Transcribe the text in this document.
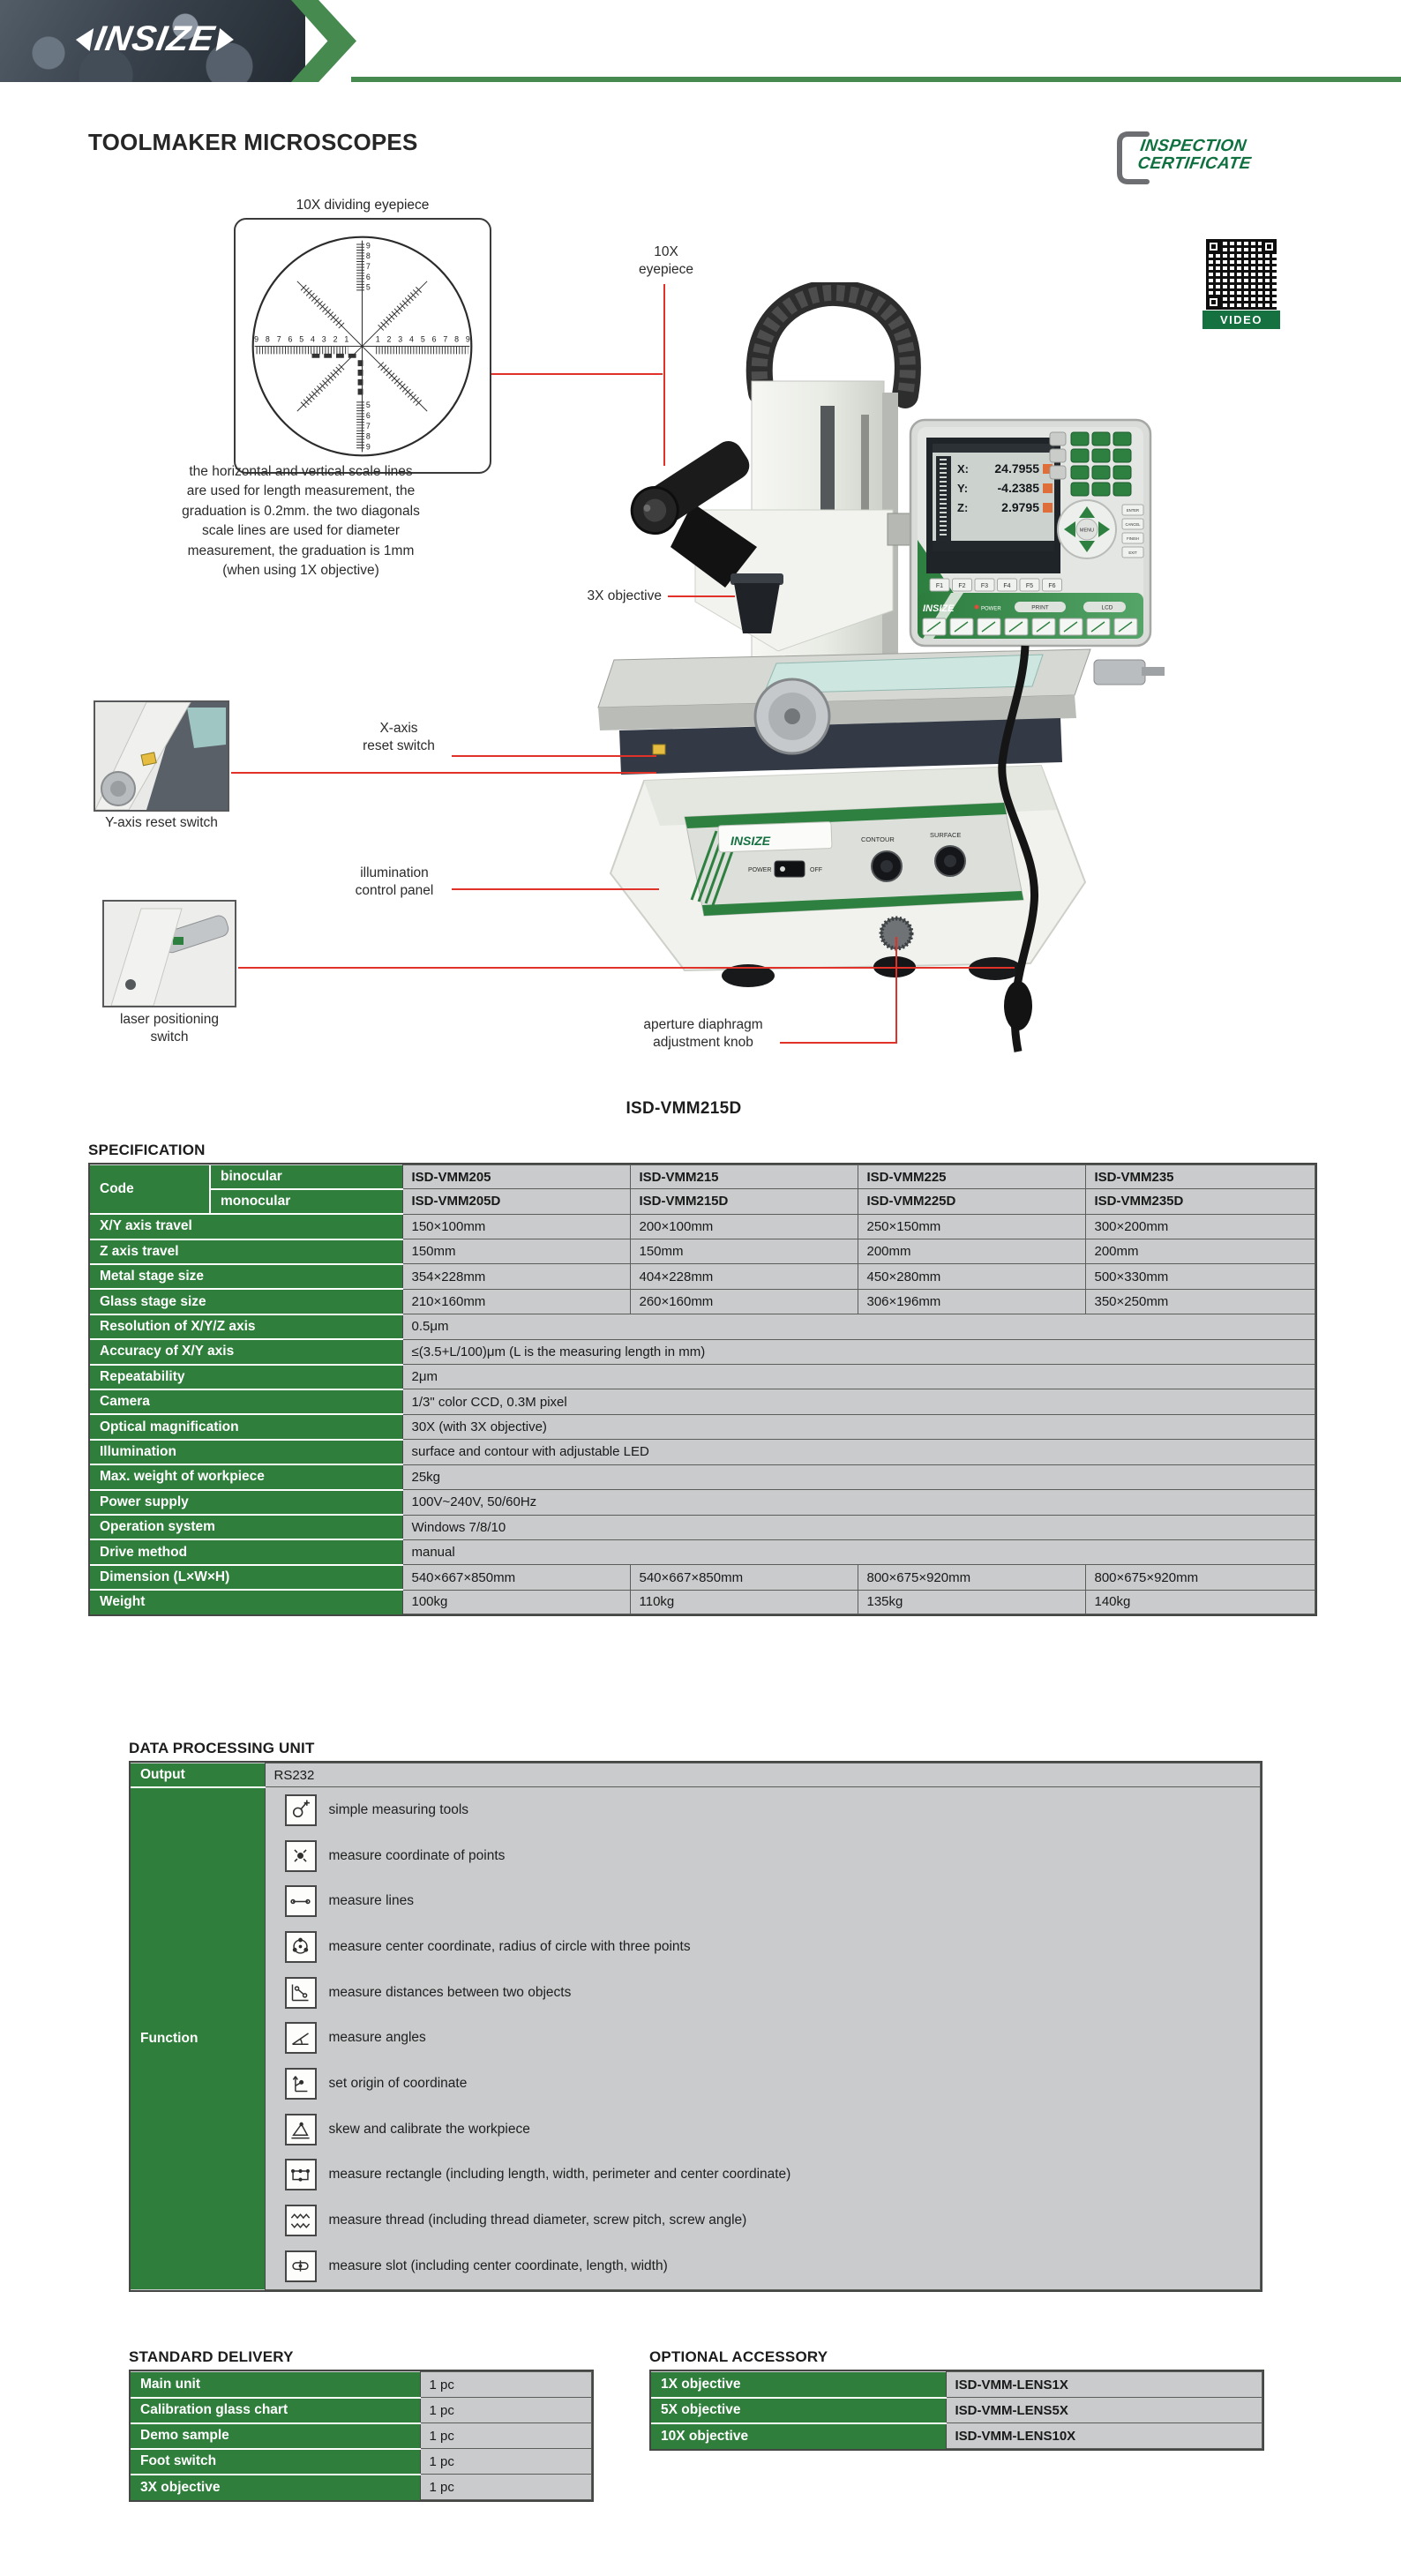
INSIZE
TOOLMAKER MICROSCOPES	INSPECTION
CERTIFICATE
VIDEO
10X dividing eyepiece
9 8 7 6 5 4 3 2 1	1 2 3 4 5 6 7 8 9
9
8
7
6
5
5
6
7
8
9
the horizontal and vertical scale lines
are used for length measurement, the
graduation is 0.2mm. the two diagonals
scale lines are used for diameter
measurement, the graduation is 1mm
(when using 1X objective)
INSIZE	CONTOUR
SURFACE
POWER	OFF
X: 24.7955
Y: -4.2385
Z:	2.9795
F1 F2 F3 F4 F5 F6
MENU
ENTER
CANCEL
FINISH
EXIT
INSIZE	POWER	PRINT	LCD
10X
eyepiece
3X objective
X-axis
reset switch
Y-axis reset switch
illumination
control panel
laser positioning
switch
aperture diaphragm
adjustment knob
ISD-VMM215D
SPECIFICATION
Code	binocular	ISD-VMM205	ISD-VMM215	ISD-VMM225	ISD-VMM235
	monocular	ISD-VMM205D	ISD-VMM215D	ISD-VMM225D	ISD-VMM235D
X/Y axis travel		150×100mm	200×100mm	250×150mm	300×200mm
Z axis travel		150mm	150mm	200mm	200mm
Metal stage size		354×228mm	404×228mm	450×280mm	500×330mm
Glass stage size		210×160mm	260×160mm	306×196mm	350×250mm
Resolution of X/Y/Z axis		0.5μm			
Accuracy of X/Y axis		≤(3.5+L/100)μm (L is the measuring length in mm)			
Repeatability		2μm			
Camera		1/3" color CCD, 0.3M pixel			
Optical magnification		30X (with 3X objective)			
Illumination		surface and contour with adjustable LED			
Max. weight of workpiece		25kg			
Power supply		100V~240V, 50/60Hz			
Operation system		Windows 7/8/10			
Drive method		manual			
Dimension (L×W×H)		540×667×850mm	540×667×850mm	800×675×920mm	800×675×920mm
Weight		100kg	110kg	135kg	140kg
DATA PROCESSING UNIT
Output	RS232
Function	
simple measuring tools
measure coordinate of points
measure lines
measure center coordinate, radius of circle with three points
measure distances between two objects
measure angles
set origin of coordinate
skew and calibrate the workpiece
measure rectangle (including length, width, perimeter and center coordinate)
measure thread (including thread diameter, screw pitch, screw angle)
measure slot (including center coordinate, length, width)
STANDARD DELIVERY
Main unit	1 pc
Calibration glass chart	1 pc
Demo sample	1 pc
Foot switch	1 pc
3X objective	1 pc
OPTIONAL ACCESSORY
1X objective	ISD-VMM-LENS1X
5X objective	ISD-VMM-LENS5X
10X objective	ISD-VMM-LENS10X
